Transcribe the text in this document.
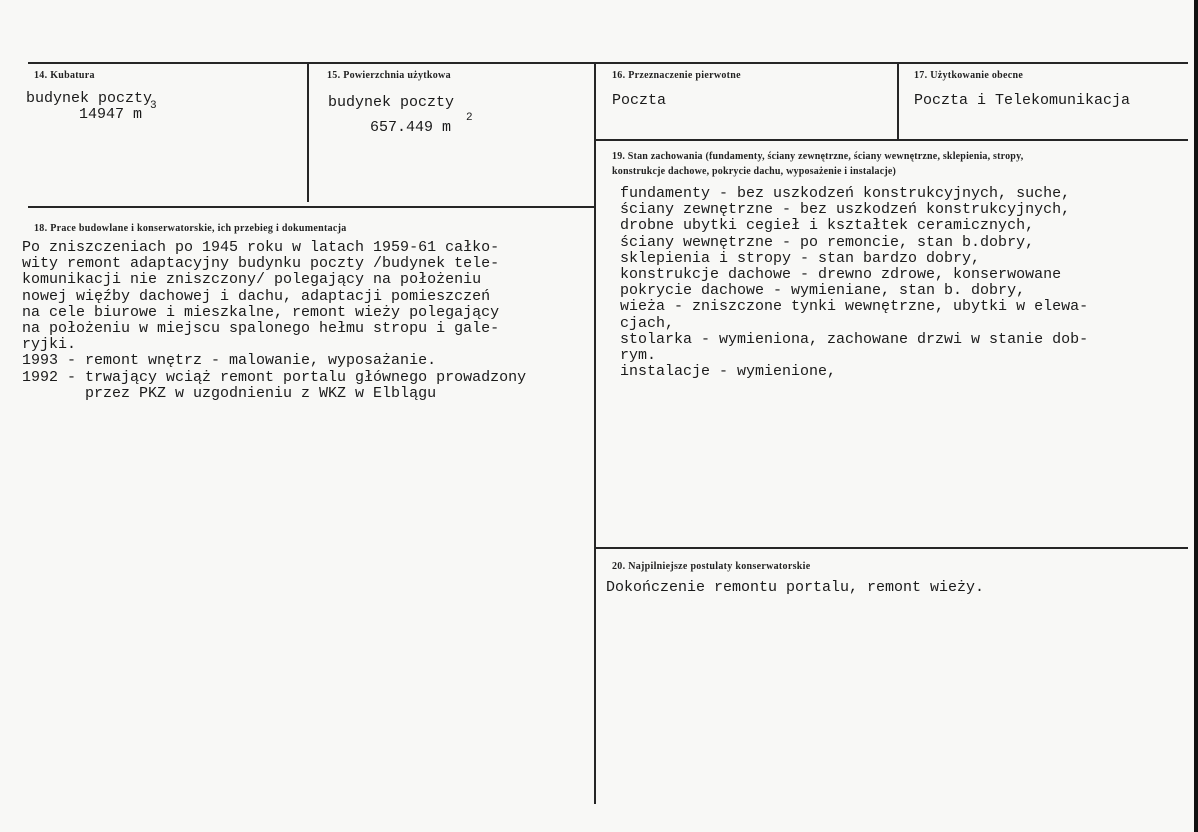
14. Kubatura
budynek poczty
14947 m 3
15. Powierzchnia użytkowa
budynek poczty
657.449 m
2
16. Przeznaczenie pierwotne
Poczta
17. Użytkowanie obecne
Poczta i Telekomunikacja
19. Stan zachowania (fundamenty, ściany zewnętrzne, ściany wewnętrzne, sklepienia, stropy,
konstrukcje dachowe, pokrycie dachu, wyposażenie i instalacje)
fundamenty - bez uszkodzeń konstrukcyjnych, suche,
ściany zewnętrzne - bez uszkodzeń konstrukcyjnych,
drobne ubytki cegieł i kształtek ceramicznych,
ściany wewnętrzne - po remoncie, stan b.dobry,
sklepienia i stropy - stan bardzo dobry,
konstrukcje dachowe - drewno zdrowe, konserwowane
pokrycie dachowe - wymieniane, stan b. dobry,
wieża - zniszczone tynki wewnętrzne, ubytki w elewa-
cjach,
stolarka - wymieniona, zachowane drzwi w stanie dob-
rym.
instalacje - wymienione,
18. Prace budowlane i konserwatorskie, ich przebieg i dokumentacja
Po zniszczeniach po 1945 roku w latach 1959-61 całko-
wity remont adaptacyjny budynku poczty /budynek tele-
komunikacji nie zniszczony/ polegający na położeniu
nowej więźby dachowej i dachu, adaptacji pomieszczeń
na cele biurowe i mieszkalne, remont wieży polegający
na położeniu w miejscu spalonego hełmu stropu i gale-
ryjki.
1993 - remont wnętrz - malowanie, wyposażanie.
1992 - trwający wciąż remont portalu głównego prowadzony
przez PKZ w uzgodnieniu z WKZ w Elblągu
20. Najpilniejsze postulaty konserwatorskie
Dokończenie remontu portalu, remont wieży.
